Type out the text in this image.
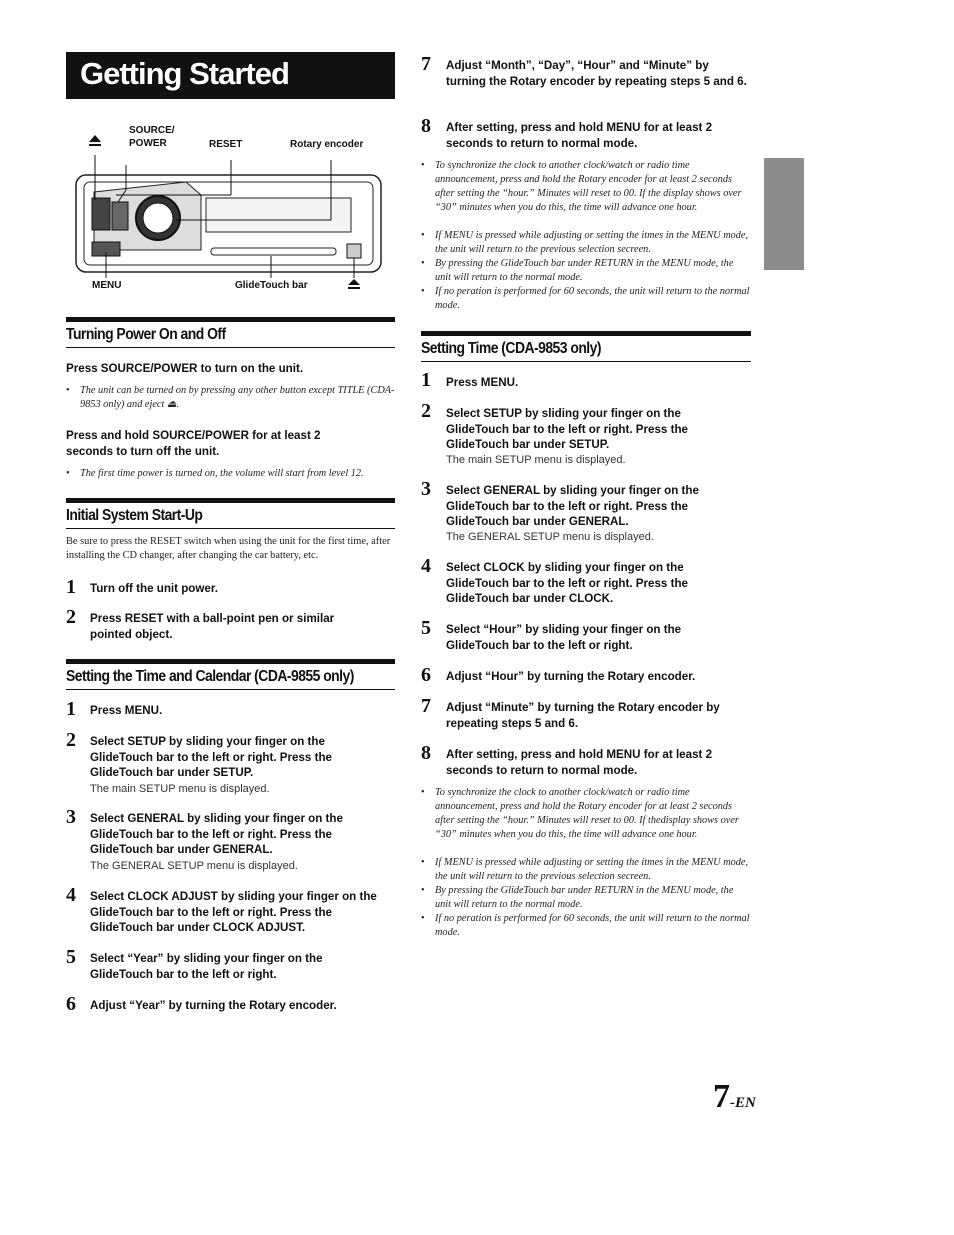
Getting Started
SOURCE/
POWER	RESET	Rotary encoder
MENU	GlideTouch bar
Turning Power On and Off
Press SOURCE/POWER to turn on the unit.
• The unit can be turned on by pressing any other button except TITLE (CDA-9853 only) and eject ⏏.
Press and hold SOURCE/POWER for at least 2 seconds to turn off the unit.
• The first time power is turned on, the volume will start from level 12.
Initial System Start-Up
Be sure to press the RESET switch when using the unit for the first time, after installing the CD changer, after changing the car battery, etc.
1 Turn off the unit power.
2 Press RESET with a ball-point pen or similar pointed object.
Setting the Time and Calendar (CDA-9855 only)
1 Press MENU.
2 Select SETUP by sliding your finger on the GlideTouch bar to the left or right. Press the GlideTouch bar under SETUP.
The main SETUP menu is displayed.
3 Select GENERAL by sliding your finger on the GlideTouch bar to the left or right. Press the GlideTouch bar under GENERAL.
The GENERAL SETUP menu is displayed.
4 Select CLOCK ADJUST by sliding your finger on the GlideTouch bar to the left or right. Press the GlideTouch bar under CLOCK ADJUST.
5 Select “Year” by sliding your finger on the GlideTouch bar to the left or right.
6 Adjust “Year” by turning the Rotary encoder.
7 Adjust “Month”, “Day”, “Hour” and “Minute” by turning the Rotary encoder by repeating steps 5 and 6.
8 After setting, press and hold MENU for at least 2 seconds to return to normal mode.
• To synchronize the clock to another clock/watch or radio time announcement, press and hold the Rotary encoder for at least 2 seconds after setting the “hour.” Minutes will reset to 00. If the display shows over “30” minutes when you do this, the time will advance one hour.
• If MENU is pressed while adjusting or setting the itmes in the MENU mode, the unit will return to the previous selection secreen.
• By pressing the GlideTouch bar under RETURN in the MENU mode, the unit will return to the normal mode.
• If no peration is performed for 60 seconds, the unit will return to the normal mode.
Setting Time (CDA-9853 only)
1 Press MENU.
2 Select SETUP by sliding your finger on the GlideTouch bar to the left or right. Press the GlideTouch bar under SETUP.
The main SETUP menu is displayed.
3 Select GENERAL by sliding your finger on the GlideTouch bar to the left or right. Press the GlideTouch bar under GENERAL.
The GENERAL SETUP menu is displayed.
4 Select CLOCK by sliding your finger on the GlideTouch bar to the left or right. Press the GlideTouch bar under CLOCK.
5 Select “Hour” by sliding your finger on the GlideTouch bar to the left or right.
6 Adjust “Hour” by turning the Rotary encoder.
7 Adjust “Minute” by turning the Rotary encoder by repeating steps 5 and 6.
8 After setting, press and hold MENU for at least 2 seconds to return to normal mode.
• To synchronize the clock to another clock/watch or radio time announcement, press and hold the Rotary encoder for at least 2 seconds after setting the “hour.” Minutes will reset to 00. If thedisplay shows over “30” minutes when you do this, the time will advance one hour.
• If MENU is pressed while adjusting or setting the itmes in the MENU mode, the unit will return to the previous selection secreen.
• By pressing the GlideTouch bar under RETURN in the MENU mode, the unit will return to the normal mode.
• If no peration is performed for 60 seconds, the unit will return to the normal mode.
7-EN
